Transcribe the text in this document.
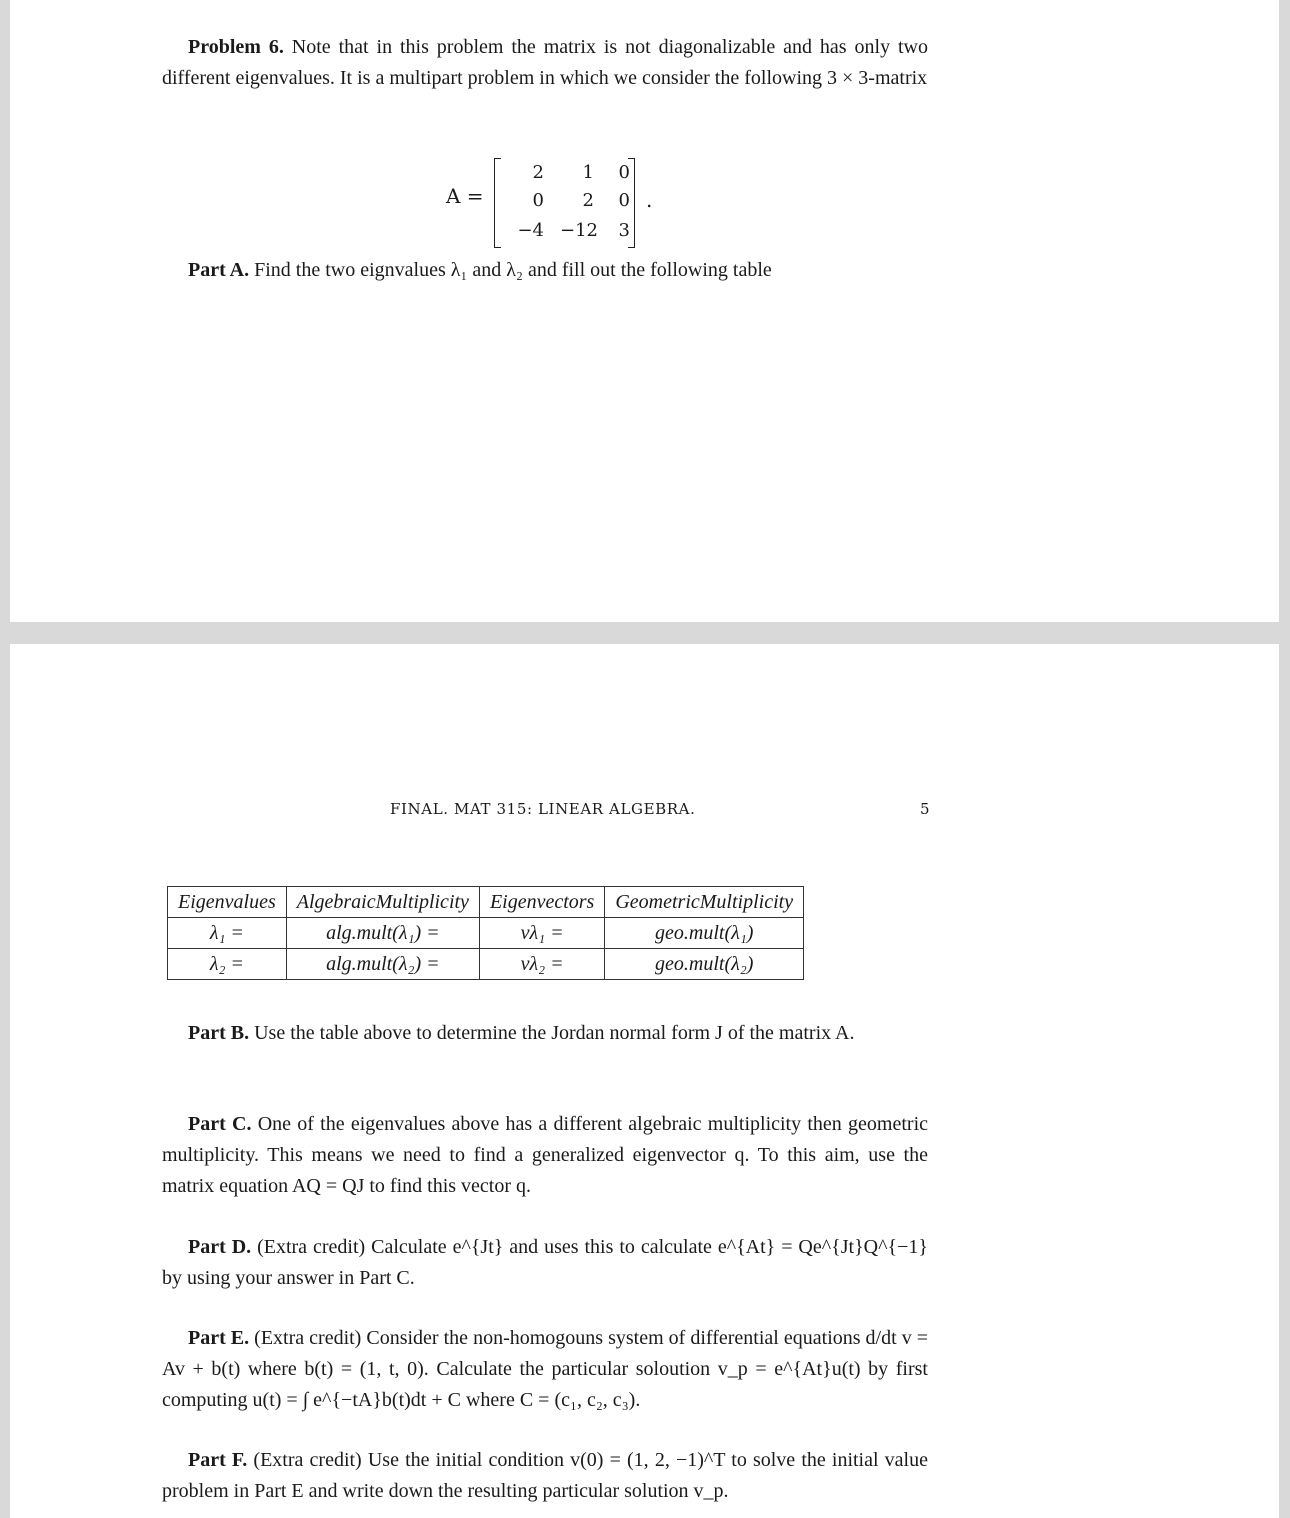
Problem 6. Note that in this problem the matrix is not diagonalizable and has only two different eigenvalues. It is a multipart problem in which we consider the following 3 × 3-matrix
A =
2	1	0
0	2	0
−4 −12	3
.
Part A. Find the two eignvalues λ₁ and λ₂ and fill out the following table
FINAL. MAT 315: LINEAR ALGEBRA.	5
Eigenvalues	AlgebraicMultiplicity	Eigenvectors	GeometricMultiplicity
λ₁ =	alg.mult(λ₁) =	vλ₁ =	geo.mult(λ₁)
λ₂ =	alg.mult(λ₂) =	vλ₂ =	geo.mult(λ₂)
Part B. Use the table above to determine the Jordan normal form J of the matrix A.
Part C. One of the eigenvalues above has a different algebraic multiplicity then geometric multiplicity. This means we need to find a generalized eigenvector q. To this aim, use the matrix equation AQ = QJ to find this vector q.
Part D. (Extra credit) Calculate e^{Jt} and uses this to calculate e^{At} = Qe^{Jt}Q^{−1} by using your answer in Part C.
Part E. (Extra credit) Consider the non-homogouns system of differential equations d/dt v = Av + b(t) where b(t) = (1, t, 0). Calculate the particular soloution v_p = e^{At}u(t) by first computing u(t) = ∫ e^{−tA}b(t)dt + C where C = (c₁, c₂, c₃).
Part F. (Extra credit) Use the initial condition v(0) = (1, 2, −1)^T to solve the initial value problem in Part E and write down the resulting particular solution v_p.
